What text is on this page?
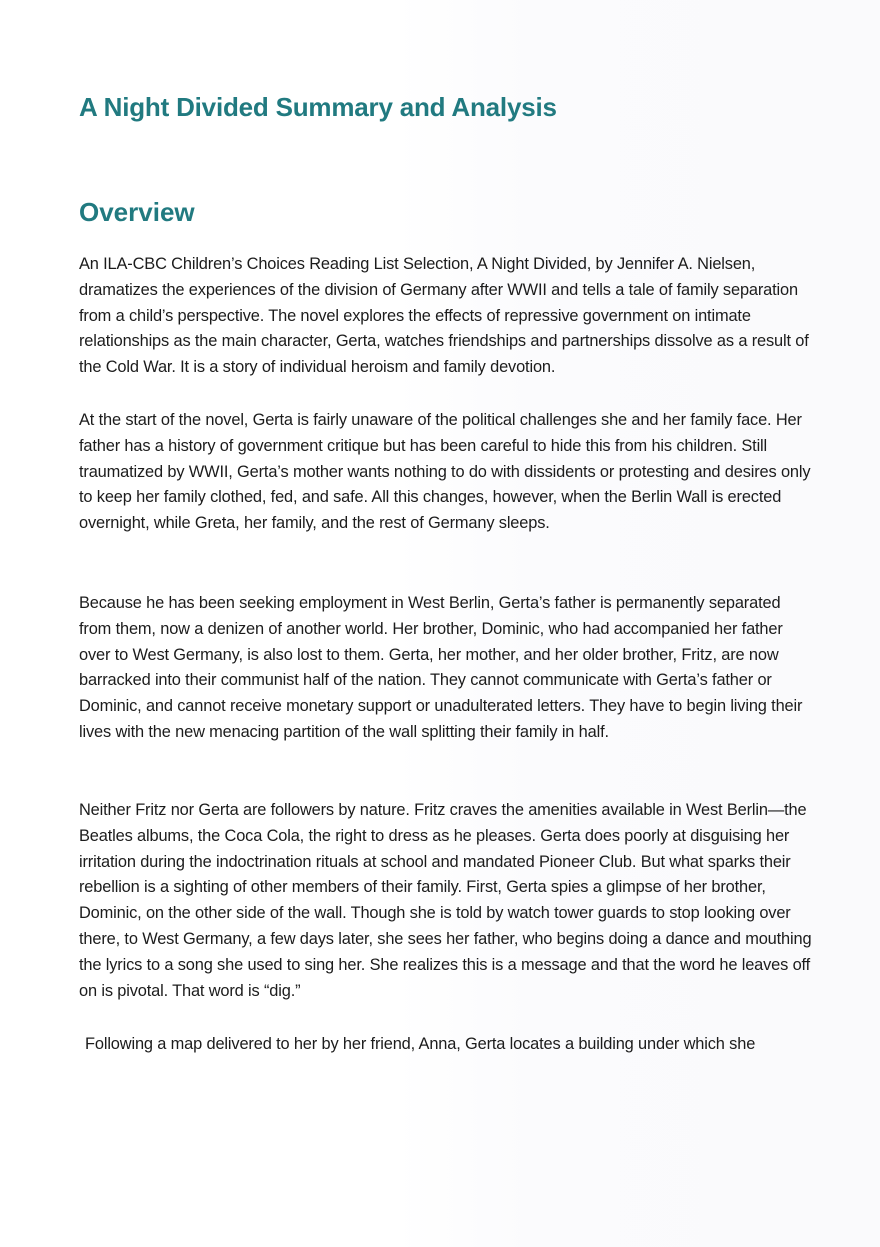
A Night Divided Summary and Analysis
Overview

An ILA-CBC Children’s Choices Reading List Selection, A Night Divided, by Jennifer A. Nielsen, dramatizes the experiences of the division of Germany after WWII and tells a tale of family separation from a child’s perspective. The novel explores the effects of repressive government on intimate relationships as the main character, Gerta, watches friendships and partnerships dissolve as a result of the Cold War. It is a story of individual heroism and family devotion.

At the start of the novel, Gerta is fairly unaware of the political challenges she and her family face. Her father has a history of government critique but has been careful to hide this from his children. Still traumatized by WWII, Gerta’s mother wants nothing to do with dissidents or protesting and desires only to keep her family clothed, fed, and safe. All this changes, however, when the Berlin Wall is erected overnight, while Greta, her family, and the rest of Germany sleeps.

Because he has been seeking employment in West Berlin, Gerta’s father is permanently separated from them, now a denizen of another world. Her brother, Dominic, who had accompanied her father over to West Germany, is also lost to them. Gerta, her mother, and her older brother, Fritz, are now barracked into their communist half of the nation. They cannot communicate with Gerta’s father or Dominic, and cannot receive monetary support or unadulterated letters. They have to begin living their lives with the new menacing partition of the wall splitting their family in half.

Neither Fritz nor Gerta are followers by nature. Fritz craves the amenities available in West Berlin—the Beatles albums, the Coca Cola, the right to dress as he pleases. Gerta does poorly at disguising her irritation during the indoctrination rituals at school and mandated Pioneer Club. But what sparks their rebellion is a sighting of other members of their family. First, Gerta spies a glimpse of her brother, Dominic, on the other side of the wall. Though she is told by watch tower guards to stop looking over there, to West Germany, a few days later, she sees her father, who begins doing a dance and mouthing the lyrics to a song she used to sing her. She realizes this is a message and that the word he leaves off on is pivotal. That word is “dig.”

Following a map delivered to her by her friend, Anna, Gerta locates a building under which she
